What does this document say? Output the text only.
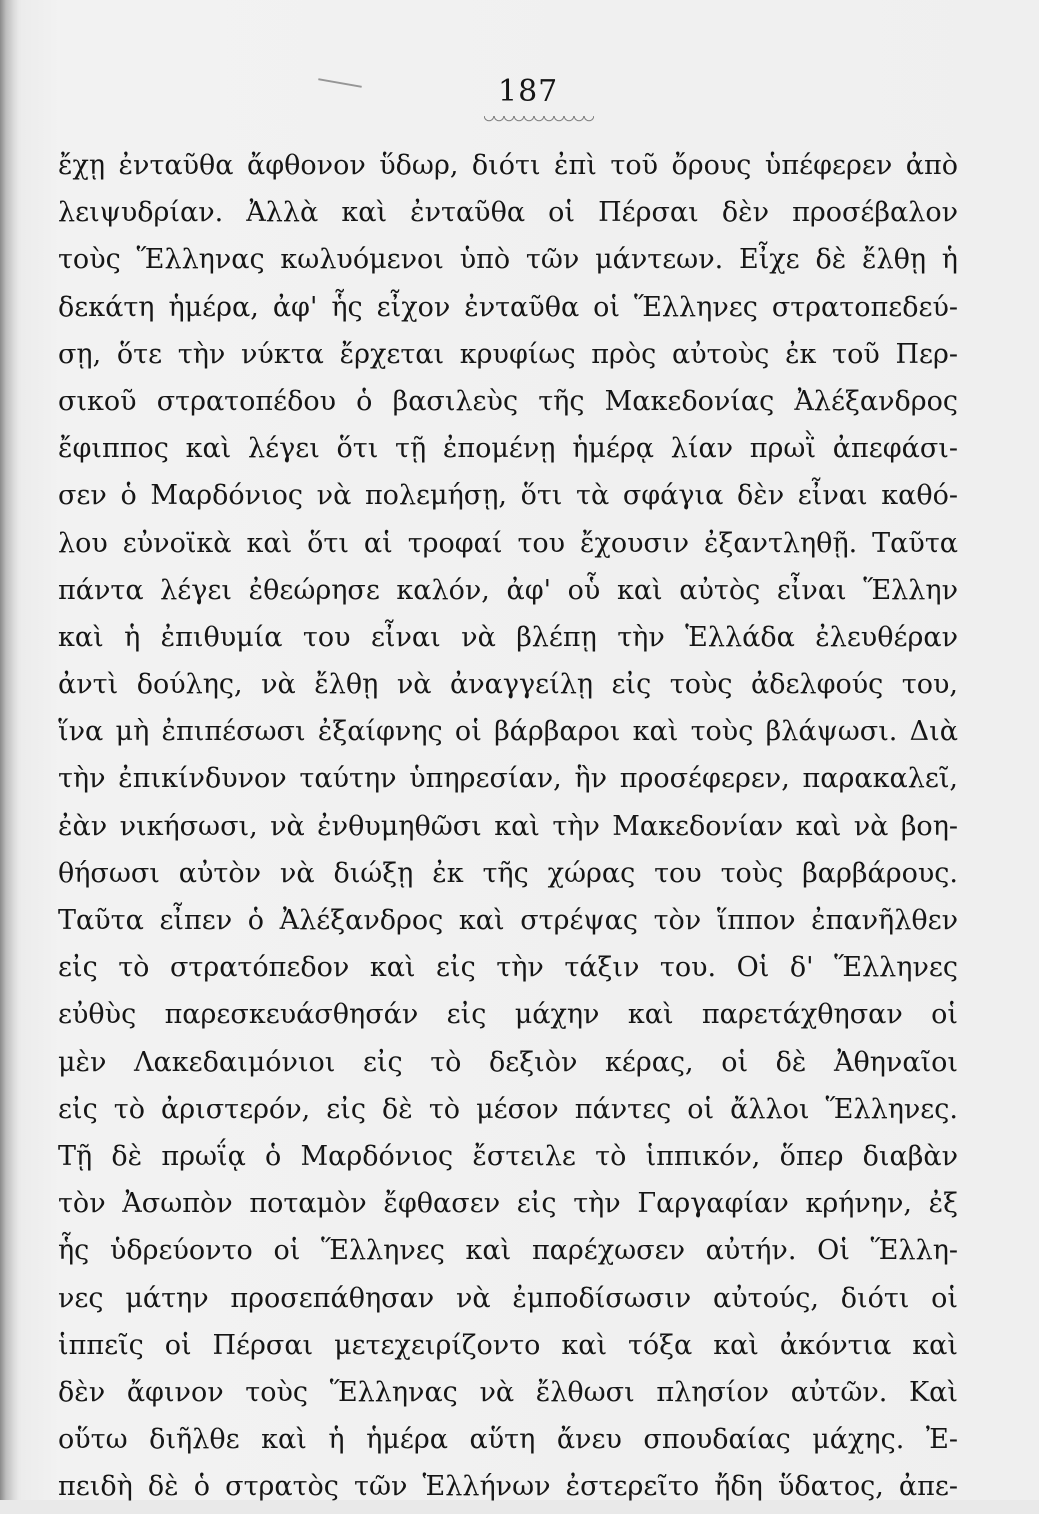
187
ἔχῃ ἐνταῦθα ἄφθονον ὕδωρ, διότι ἐπὶ τοῦ ὄρους ὑπέφερεν ἀπὸ
λειψυδρίαν. Ἀλλὰ καὶ ἐνταῦθα οἱ Πέρσαι δὲν προσέβαλον
τοὺς Ἕλληνας κωλυόμενοι ὑπὸ τῶν μάντεων. Εἶχε δὲ ἔλθῃ ἡ
δεκάτη ἡμέρα, ἀφ' ἧς εἶχον ἐνταῦθα οἱ Ἕλληνες στρατοπεδεύ-
σῃ, ὅτε τὴν νύκτα ἔρχεται κρυφίως πρὸς αὐτοὺς ἐκ τοῦ Περ-
σικοῦ στρατοπέδου ὁ βασιλεὺς τῆς Μακεδονίας Ἀλέξανδρος
ἔφιππος καὶ λέγει ὅτι τῇ ἐπομένῃ ἡμέρᾳ λίαν πρωῒ ἀπεφάσι-
σεν ὁ Μαρδόνιος νὰ πολεμήσῃ, ὅτι τὰ σφάγια δὲν εἶναι καθό-
λου εὐνοϊκὰ καὶ ὅτι αἱ τροφαί του ἔχουσιν ἐξαντληθῇ. Ταῦτα
πάντα λέγει ἐθεώρησε καλόν, ἀφ' οὗ καὶ αὐτὸς εἶναι Ἕλλην
καὶ ἡ ἐπιθυμία του εἶναι νὰ βλέπῃ τὴν Ἑλλάδα ἐλευθέραν
ἀντὶ δούλης, νὰ ἔλθῃ νὰ ἀναγγείλῃ εἰς τοὺς ἀδελφούς του,
ἵνα μὴ ἐπιπέσωσι ἐξαίφνης οἱ βάρβαροι καὶ τοὺς βλάψωσι. Διὰ
τὴν ἐπικίνδυνον ταύτην ὑπηρεσίαν, ἣν προσέφερεν, παρακαλεῖ,
ἐὰν νικήσωσι, νὰ ἐνθυμηθῶσι καὶ τὴν Μακεδονίαν καὶ νὰ βοη-
θήσωσι αὐτὸν νὰ διώξῃ ἐκ τῆς χώρας του τοὺς βαρβάρους.
Ταῦτα εἶπεν ὁ Ἀλέξανδρος καὶ στρέψας τὸν ἵππον ἐπανῆλθεν
εἰς τὸ στρατόπεδον καὶ εἰς τὴν τάξιν του. Οἱ δ' Ἕλληνες
εὐθὺς παρεσκευάσθησάν εἰς μάχην καὶ παρετάχθησαν οἱ
μὲν Λακεδαιμόνιοι εἰς τὸ δεξιὸν κέρας, οἱ δὲ Ἀθηναῖοι
εἰς τὸ ἀριστερόν, εἰς δὲ τὸ μέσον πάντες οἱ ἄλλοι Ἕλληνες.
Τῇ δὲ πρωΐᾳ ὁ Μαρδόνιος ἔστειλε τὸ ἱππικόν, ὅπερ διαβὰν
τὸν Ἀσωπὸν ποταμὸν ἔφθασεν εἰς τὴν Γαργαφίαν κρήνην, ἐξ
ἧς ὑδρεύοντο οἱ Ἕλληνες καὶ παρέχωσεν αὐτήν. Οἱ Ἕλλη-
νες μάτην προσεπάθησαν νὰ ἐμποδίσωσιν αὐτούς, διότι οἱ
ἱππεῖς οἱ Πέρσαι μετεχειρίζοντο καὶ τόξα καὶ ἀκόντια καὶ
δὲν ἄφινον τοὺς Ἕλληνας νὰ ἔλθωσι πλησίον αὐτῶν. Καὶ
οὕτω διῆλθε καὶ ἡ ἡμέρα αὕτη ἄνευ σπουδαίας μάχης. Ἐ-
πειδὴ δὲ ὁ στρατὸς τῶν Ἑλλήνων ἐστερεῖτο ἤδη ὕδατος, ἀπε-
